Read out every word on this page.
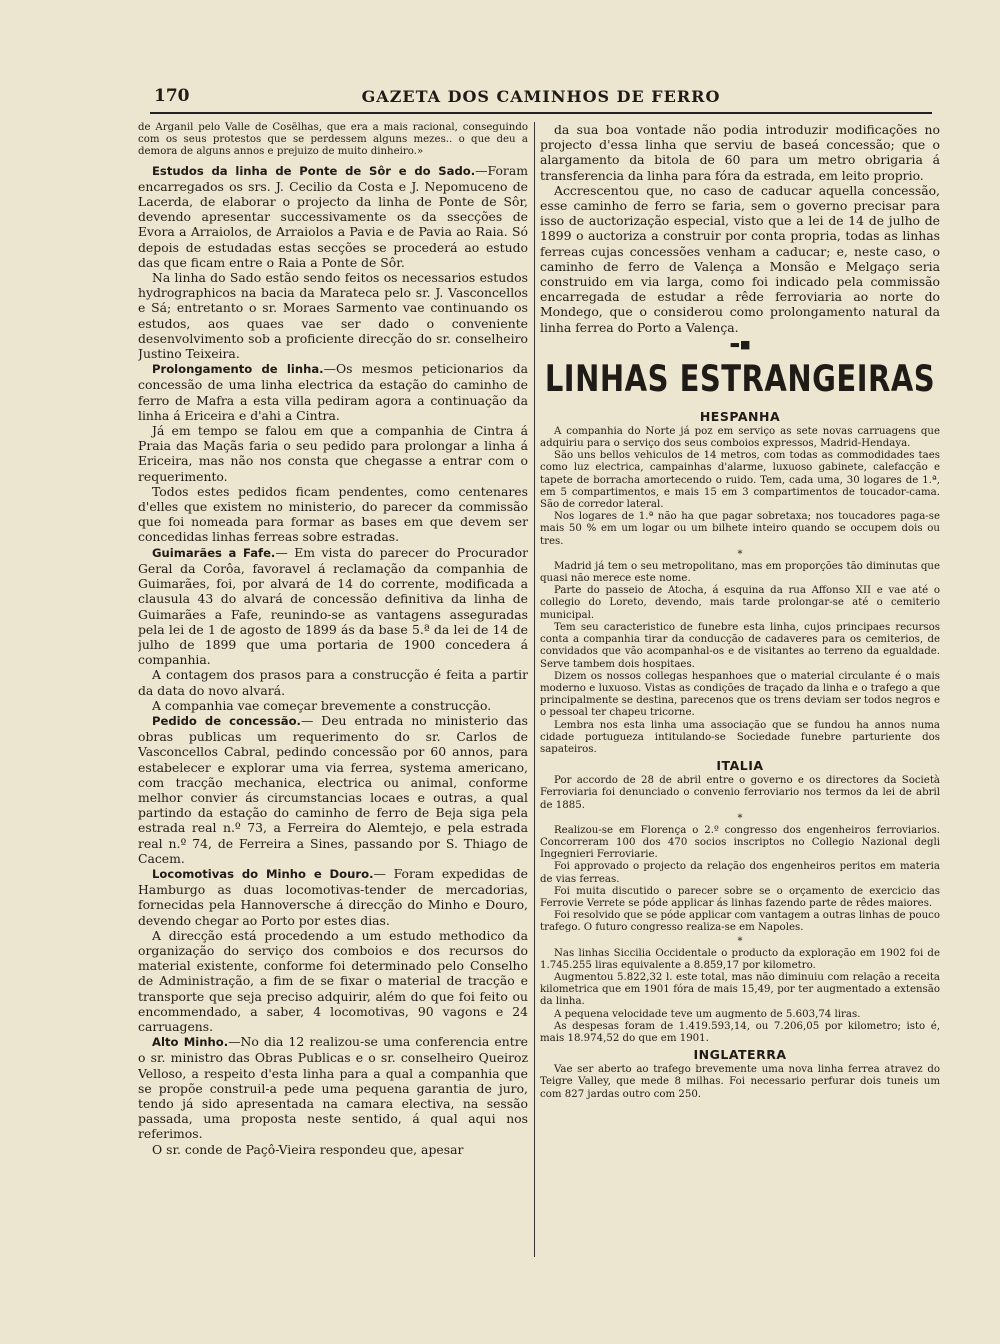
170	GAZETA DOS CAMINHOS DE FERRO

de Arganil pelo Valle de Cosêlhas, que era a mais racional, conseguindo com os seus protestos que se perdessem alguns mezes.. o que deu a demora de alguns annos e prejuizo de muito dinheiro.»

Estudos da linha de Ponte de Sôr e do Sado.—Foram encarregados os srs. J. Cecilio da Costa e J. Nepomuceno de Lacerda, de elaborar o projecto da linha de Ponte de Sôr, devendo apresentar successivamente os da ssecções de Evora a Arraiolos, de Arraiolos a Pavia e de Pavia ao Raia. Só depois de estudadas estas secções se procederá ao estudo das que ficam entre o Raia a Ponte de Sôr.

Na linha do Sado estão sendo feitos os necessarios estudos hydrographicos na bacia da Marateca pelo sr. J. Vasconcellos e Sá; entretanto o sr. Moraes Sarmento vae continuando os estudos, aos quaes vae ser dado o conveniente desenvolvimento sob a proficiente direcção do sr. conselheiro Justino Teixeira.

Prolongamento de linha.—Os mesmos peticionarios da concessão de uma linha electrica da estação do caminho de ferro de Mafra a esta villa pediram agora a continuação da linha á Ericeira e d'ahi a Cintra.

Já em tempo se falou em que a companhia de Cintra á Praia das Maçãs faria o seu pedido para prolongar a linha á Ericeira, mas não nos consta que chegasse a entrar com o requerimento.

Todos estes pedidos ficam pendentes, como centenares d'elles que existem no ministerio, do parecer da commissão que foi nomeada para formar as bases em que devem ser concedidas linhas ferreas sobre estradas.

Guimarães a Fafe.— Em vista do parecer do Procurador Geral da Corôa, favoravel á reclamação da companhia de Guimarães, foi, por alvará de 14 do corrente, modificada a clausula 43 do alvará de concessão definitiva da linha de Guimarães a Fafe, reunindo-se as vantagens asseguradas pela lei de 1 de agosto de 1899 ás da base 5.ª da lei de 14 de julho de 1899 que uma portaria de 1900 concedera á companhia.

A contagem dos prasos para a construcção é feita a partir da data do novo alvará.

A companhia vae começar brevemente a construcção.

Pedido de concessão.— Deu entrada no ministerio das obras publicas um requerimento do sr. Carlos de Vasconcellos Cabral, pedindo concessão por 60 annos, para estabelecer e explorar uma via ferrea, systema americano, com tracção mechanica, electrica ou animal, conforme melhor convier ás circumstancias locaes e outras, a qual partindo da estação do caminho de ferro de Beja siga pela estrada real n.º 73, a Ferreira do Alemtejo, e pela estrada real n.º 74, de Ferreira a Sines, passando por S. Thiago de Cacem.

Locomotivas do Minho e Douro.— Foram expedidas de Hamburgo as duas locomotivas-tender de mercadorias, fornecidas pela Hannoversche á direcção do Minho e Douro, devendo chegar ao Porto por estes dias.

A direcção está procedendo a um estudo methodico da organização do serviço dos comboios e dos recursos do material existente, conforme foi determinado pelo Conselho de Administração, a fim de se fixar o material de tracção e transporte que seja preciso adquirir, além do que foi feito ou encommendado, a saber, 4 locomotivas, 90 vagons e 24 carruagens.

Alto Minho.—No dia 12 realizou-se uma conferencia entre o sr. ministro das Obras Publicas e o sr. conselheiro Queiroz Velloso, a respeito d'esta linha para a qual a companhia que se propõe construil-a pede uma pequena garantia de juro, tendo já sido apresentada na camara electiva, na sessão passada, uma proposta neste sentido, á qual aqui nos referimos.

O sr. conde de Paçô-Vieira respondeu que, apesar

da sua boa vontade não podia introduzir modificações no projecto d'essa linha que serviu de baseá concessão; que o alargamento da bitola de 60 para um metro obrigaria á transferencia da linha para fóra da estrada, em leito proprio.

Accrescentou que, no caso de caducar aquella concessão, esse caminho de ferro se faria, sem o governo precisar para isso de auctorização especial, visto que a lei de 14 de julho de 1899 o auctoriza a construir por conta propria, todas as linhas ferreas cujas concessões venham a caducar; e, neste caso, o caminho de ferro de Valença a Monsão e Melgaço seria construido em via larga, como foi indicado pela commissão encarregada de estudar a rêde ferroviaria ao norte do Mondego, que o considerou como prolongamento natural da linha ferrea do Porto a Valença.

▬■
LINHAS ESTRANGEIRAS
HESPANHA

A companhia do Norte já poz em serviço as sete novas carruagens que adquiriu para o serviço dos seus comboios expressos, Madrid-Hendaya.

São uns bellos vehiculos de 14 metros, com todas as commodidades taes como luz electrica, campainhas d'alarme, luxuoso gabinete, calefacção e tapete de borracha amortecendo o ruido. Tem, cada uma, 30 logares de 1.ª, em 5 compartimentos, e mais 15 em 3 compartimentos de toucador-cama. São de corredor lateral.

Nos logares de 1.ª não ha que pagar sobretaxa; nos toucadores paga-se mais 50 % em um logar ou um bilhete inteiro quando se occupem dois ou tres.

*

Madrid já tem o seu metropolitano, mas em proporções tão diminutas que quasi não merece este nome.

Parte do passeio de Atocha, á esquina da rua Affonso XII e vae até o collegio do Loreto, devendo, mais tarde prolongar-se até o cemiterio municipal.

Tem seu caracteristico de funebre esta linha, cujos principaes recursos conta a companhia tirar da conducção de cadaveres para os cemiterios, de convidados que vão acompanhal-os e de visitantes ao terreno da egualdade. Serve tambem dois hospitaes.

Dizem os nossos collegas hespanhoes que o material circulante é o mais moderno e luxuoso. Vistas as condições de traçado da linha e o trafego a que principalmente se destina, parecenos que os trens deviam ser todos negros e o pessoal ter chapeu tricorne.

Lembra nos esta linha uma associação que se fundou ha annos numa cidade portugueza intitulando-se Sociedade funebre parturiente dos sapateiros.

ITALIA

Por accordo de 28 de abril entre o governo e os directores da Società Ferroviaria foi denunciado o convenio ferroviario nos termos da lei de abril de 1885.

*

Realizou-se em Florença o 2.º congresso dos engenheiros ferroviarios. Concorreram 100 dos 470 socios inscriptos no Collegio Nazional degli Ingegnieri Ferroviarie.

Foi approvado o projecto da relação dos engenheiros peritos em materia de vias ferreas.

Foi muita discutido o parecer sobre se o orçamento de exercicio das Ferrovie Verrete se póde applicar ás linhas fazendo parte de rêdes maiores.

Foi resolvido que se póde applicar com vantagem a outras linhas de pouco trafego. O futuro congresso realiza-se em Napoles.

*

Nas linhas Siccilia Occidentale o producto da exploração em 1902 foi de 1.745.255 liras equivalente a 8.859,17 por kilometro.

Augmentou 5.822,32 l. este total, mas não diminuiu com relação a receita kilometrica que em 1901 fóra de mais 15,49, por ter augmentado a extensão da linha.

A pequena velocidade teve um augmento de 5.603,74 liras.

As despesas foram de 1.419.593,14, ou 7.206,05 por kilometro; isto é, mais 18.974,52 do que em 1901.

INGLATERRA

Vae ser aberto ao trafego brevemente uma nova linha ferrea atravez do Teigre Valley, que mede 8 milhas. Foi necessario perfurar dois tuneis um com 827 jardas outro com 250.
